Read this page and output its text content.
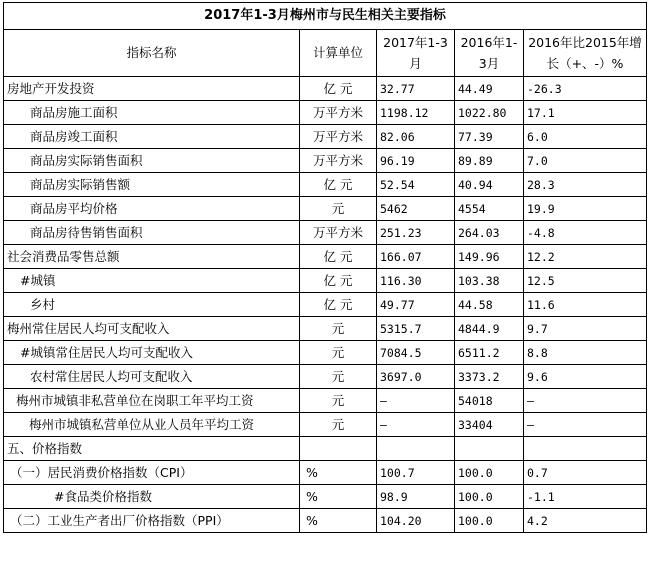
2017年1-3月梅州市与民生相关主要指标				
指标名称	计算单位	2017年1-3月	2016年1-3月	2016年比2015年增长（+、-）%
房地产开发投资	亿 元	32.77	44.49	-26.3
商品房施工面积	万平方米	1198.12	1022.80	17.1
商品房竣工面积	万平方米	82.06	77.39	6.0
商品房实际销售面积	万平方米	96.19	89.89	7.0
商品房实际销售额	亿 元	52.54	40.94	28.3
商品房平均价格	元	5462	4554	19.9
商品房待售销售面积	万平方米	251.23	264.03	-4.8
社会消费品零售总额	亿 元	166.07	149.96	12.2
#城镇	亿 元	116.30	103.38	12.5
乡村	亿 元	49.77	44.58	11.6
梅州常住居民人均可支配收入	元	5315.7	4844.9	9.7
#城镇常住居民人均可支配收入	元	7084.5	6511.2	8.8
农村常住居民人均可支配收入	元	3697.0	3373.2	9.6
梅州市城镇非私营单位在岗职工年平均工资	元	—	54018	—
梅州市城镇私营单位从业人员年平均工资	元	—	33404	—
五、价格指数				
（一）居民消费价格指数（CPI）	%	100.7	100.0	0.7
#食品类价格指数	%	98.9	100.0	-1.1
（二）工业生产者出厂价格指数（PPI）	%	104.20	100.0	4.2
